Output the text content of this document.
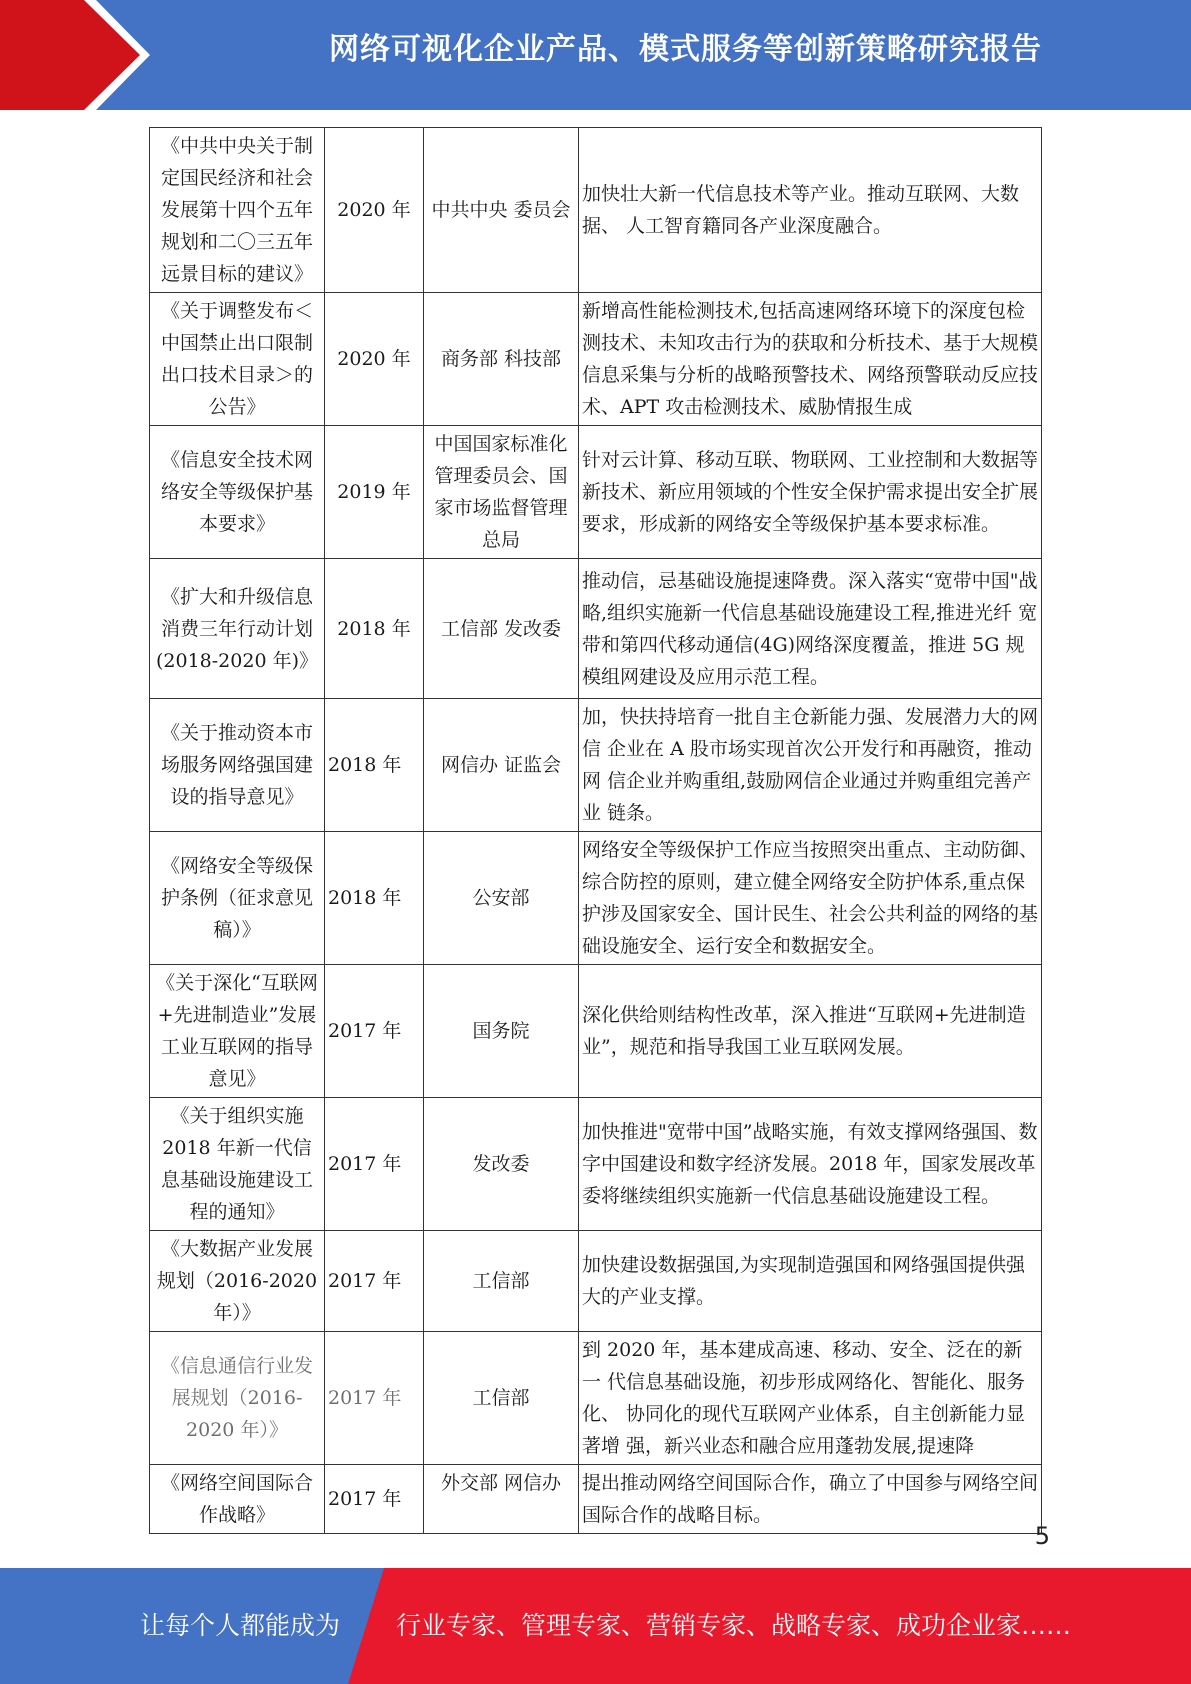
网络可视化企业产品、模式服务等创新策略研究报告
《中共中央关于制定国民经济和社会发展第十四个五年规划和二〇三五年远景目标的建议》	2020 年	中共中央 委员会	加快壮大新一代信息技术等产业。推动互联网、大数据、 人工智育籍同各产业深度融合。
《关于调整发布＜中国禁止出口限制出口技术目录＞的公告》	2020 年	商务部 科技部	新增高性能检测技术,包括高速网络环境下的深度包检 测技术、未知攻击行为的获取和分析技术、基于大规模 信息采集与分析的战略预警技术、网络预警联动反应技 术、APT 攻击检测技术、威胁情报生成
《信息安全技术网络安全等级保护基本要求》	2019 年	中国国家标准化管理委员会、国家市场监督管理总局	针对云计算、移动互联、物联网、工业控制和大数据等 新技术、新应用领域的个性安全保护需求提出安全扩展 要求，形成新的网络安全等级保护基本要求标准。
《扩大和升级信息消费三年行动计划(2018-2020 年)》	2018 年	工信部 发改委	推动信，忌基础设施提速降费。深入落实“宽带中国"战 略,组织实施新一代信息基础设施建设工程,推进光纤 宽带和第四代移动通信(4G)网络深度覆盖，推进 5G 规模组网建设及应用示范工程。
《关于推动资本市场服务网络强国建设的指导意见》	2018 年	网信办 证监会	加，快扶持培育一批自主仓新能力强、发展潜力大的网信 企业在 A 股市场实现首次公开发行和再融资，推动网 信企业并购重组,鼓励网信企业通过并购重组完善产业 链条。
《网络安全等级保护条例（征求意见稿）》	2018 年	公安部	网络安全等级保护工作应当按照突出重点、主动防御、 综合防控的原则，建立健全网络安全防护体系,重点保 护涉及国家安全、国计民生、社会公共利益的网络的基 础设施安全、运行安全和数据安全。
《关于深化“互联网+先进制造业”发展工业互联网的指导意见》	2017 年	国务院	深化供给则结构性改革，深入推进“互联网+先进制造 业”，规范和指导我国工业互联网发展。
《关于组织实施 2018 年新一代信息基础设施建设工程的通知》	2017 年	发改委	加快推进"宽带中国”战略实施，有效支撑网络强国、数字中国建设和数字经济发展。2018 年，国家发展改革委将继续组织实施新一代信息基础设施建设工程。
《大数据产业发展规划（2016-2020 年）》	2017 年	工信部	加快建设数据强国,为实现制造强国和网络强国提供强 大的产业支撑。
《信息通信行业发展规划（2016-2020 年）》	2017 年	工信部	到 2020 年，基本建成高速、移动、安全、泛在的新一 代信息基础设施，初步形成网络化、智能化、服务化、 协同化的现代互联网产业体系，自主创新能力显著增 强，新兴业态和融合应用蓬勃发展,提速降
《网络空间国际合作战略》	2017 年	外交部 网信办	提出推动网络空间国际合作，确立了中国参与网络空间 国际合作的战略目标。
5
让每个人都能成为 行业专家、管理专家、营销专家、战略专家、成功企业家……
